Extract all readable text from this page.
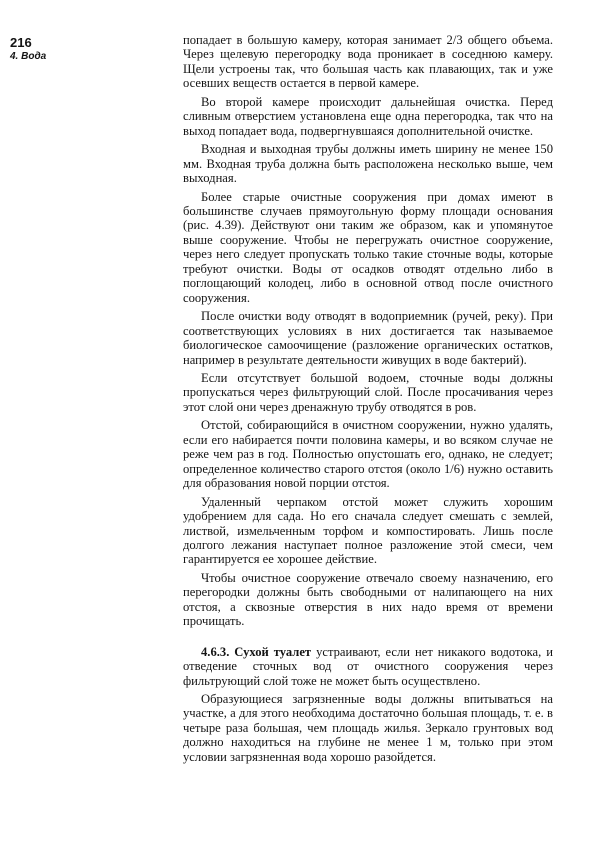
216
4. Вода

попадает в большую камеру, которая занимает 2/3 общего объема. Через щелевую перегородку вода проникает в соседнюю камеру. Щели устроены так, что большая часть как плавающих, так и уже осевших веществ остается в первой камере.

Во второй камере происходит дальнейшая очистка. Перед сливным отверстием установлена еще одна перегородка, так что на выход попадает вода, подвергнувшаяся дополнительной очистке.

Входная и выходная трубы должны иметь ширину не менее 150 мм. Входная труба должна быть расположена несколько выше, чем выходная.

Более старые очистные сооружения при домах имеют в большинстве случаев прямоугольную форму площади основания (рис. 4.39). Действуют они таким же образом, как и упомянутое выше сооружение. Чтобы не перегружать очистное сооружение, через него следует пропускать только такие сточные воды, которые требуют очистки. Воды от осадков отводят отдельно либо в поглощающий колодец, либо в основной отвод после очистного сооружения.

После очистки воду отводят в водоприемник (ручей, реку). При соответствующих условиях в них достигается так называемое биологическое самоочищение (разложение органических остатков, например в результате деятельности живущих в воде бактерий).

Если отсутствует большой водоем, сточные воды должны пропускаться через фильтрующий слой. После просачивания через этот слой они через дренажную трубу отводятся в ров.

Отстой, собирающийся в очистном сооружении, нужно удалять, если его набирается почти половина камеры, и во всяком случае не реже чем раз в год. Полностью опустошать его, однако, не следует; определенное количество старого отстоя (около 1/6) нужно оставить для образования новой порции отстоя.

Удаленный черпаком отстой может служить хорошим удобрением для сада. Но его сначала следует смешать с землей, листвой, измельченным торфом и компостировать. Лишь после долгого лежания наступает полное разложение этой смеси, чем гарантируется ее хорошее действие.

Чтобы очистное сооружение отвечало своему назначению, его перегородки должны быть свободными от налипающего на них отстоя, а сквозные отверстия в них надо время от времени прочищать.

4.6.3. Сухой туалет устраивают, если нет никакого водотока, и отведение сточных вод от очистного сооружения через фильтрующий слой тоже не может быть осуществлено.

Образующиеся загрязненные воды должны впитываться на участке, а для этого необходима достаточно большая площадь, т. е. в четыре раза большая, чем площадь жилья. Зеркало грунтовых вод должно находиться на глубине не менее 1 м, только при этом условии загрязненная вода хорошо разойдется.
